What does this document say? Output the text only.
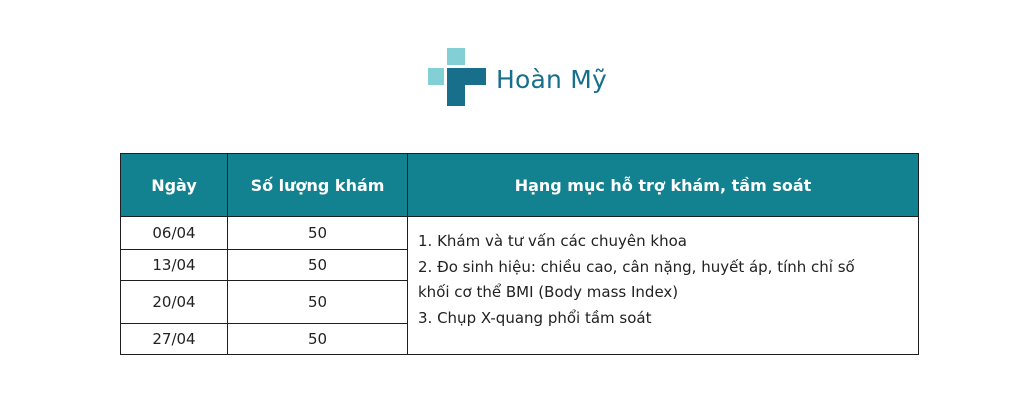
Hoàn Mỹ
Ngày	Số lượng khám	Hạng mục hỗ trợ khám, tầm soát
06/04	50	1. Khám và tư vấn các chuyên khoa
2. Đo sinh hiệu: chiều cao, cân nặng, huyết áp, tính chỉ số
khối cơ thể BMI (Body mass Index)
3. Chụp X-quang phổi tầm soát

13/04	50	
20/04	50	
27/04	50	
